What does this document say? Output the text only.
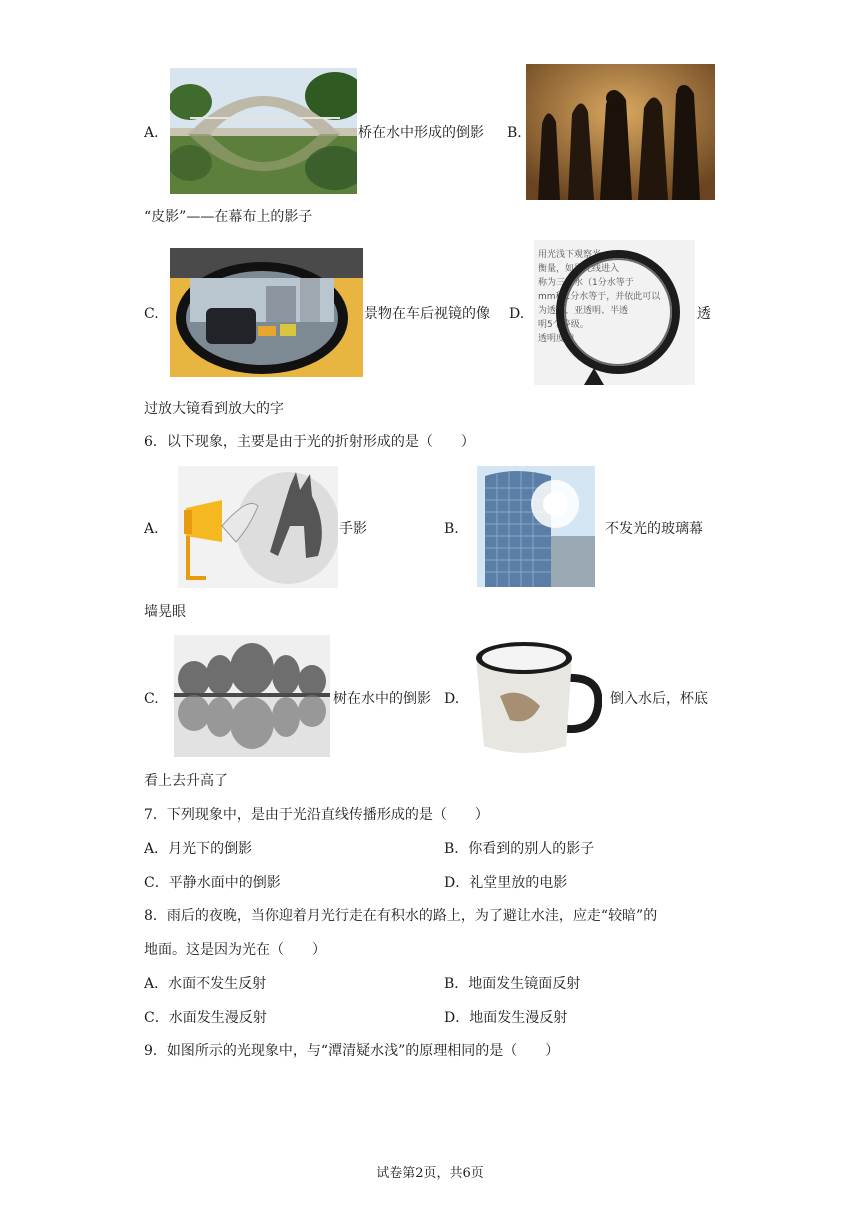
A.	桥在水中形成的倒影 B.
“皮影”——在幕布上的影子
C.	景物在车后视镜的像 D.
用光浅下观察光
衡量，如果光线进入
称为三分水（1分水等于
mm称1分水等于，并依此可以
为透明、亚透明、半透
明5个等级。
透明度的
透
过放大镜看到放大的字
6．以下现象，主要是由于光的折射形成的是（　　）
A.	手影	B.	不发光的玻璃幕
墙晃眼
C.	树在水中的倒影 D.	倒入水后，杯底
看上去升高了
7．下列现象中，是由于光沿直线传播形成的是（　　）
A．月光下的倒影	B．你看到的别人的影子
C．平静水面中的倒影	D．礼堂里放的电影
8．雨后的夜晚，当你迎着月光行走在有积水的路上，为了避让水洼，应走“较暗”的
地面。这是因为光在（　　）
A．水面不发生反射	B．地面发生镜面反射
C．水面发生漫反射	D．地面发生漫反射
9．如图所示的光现象中，与“潭清疑水浅”的原理相同的是（　　）
试卷第2页，共6页
